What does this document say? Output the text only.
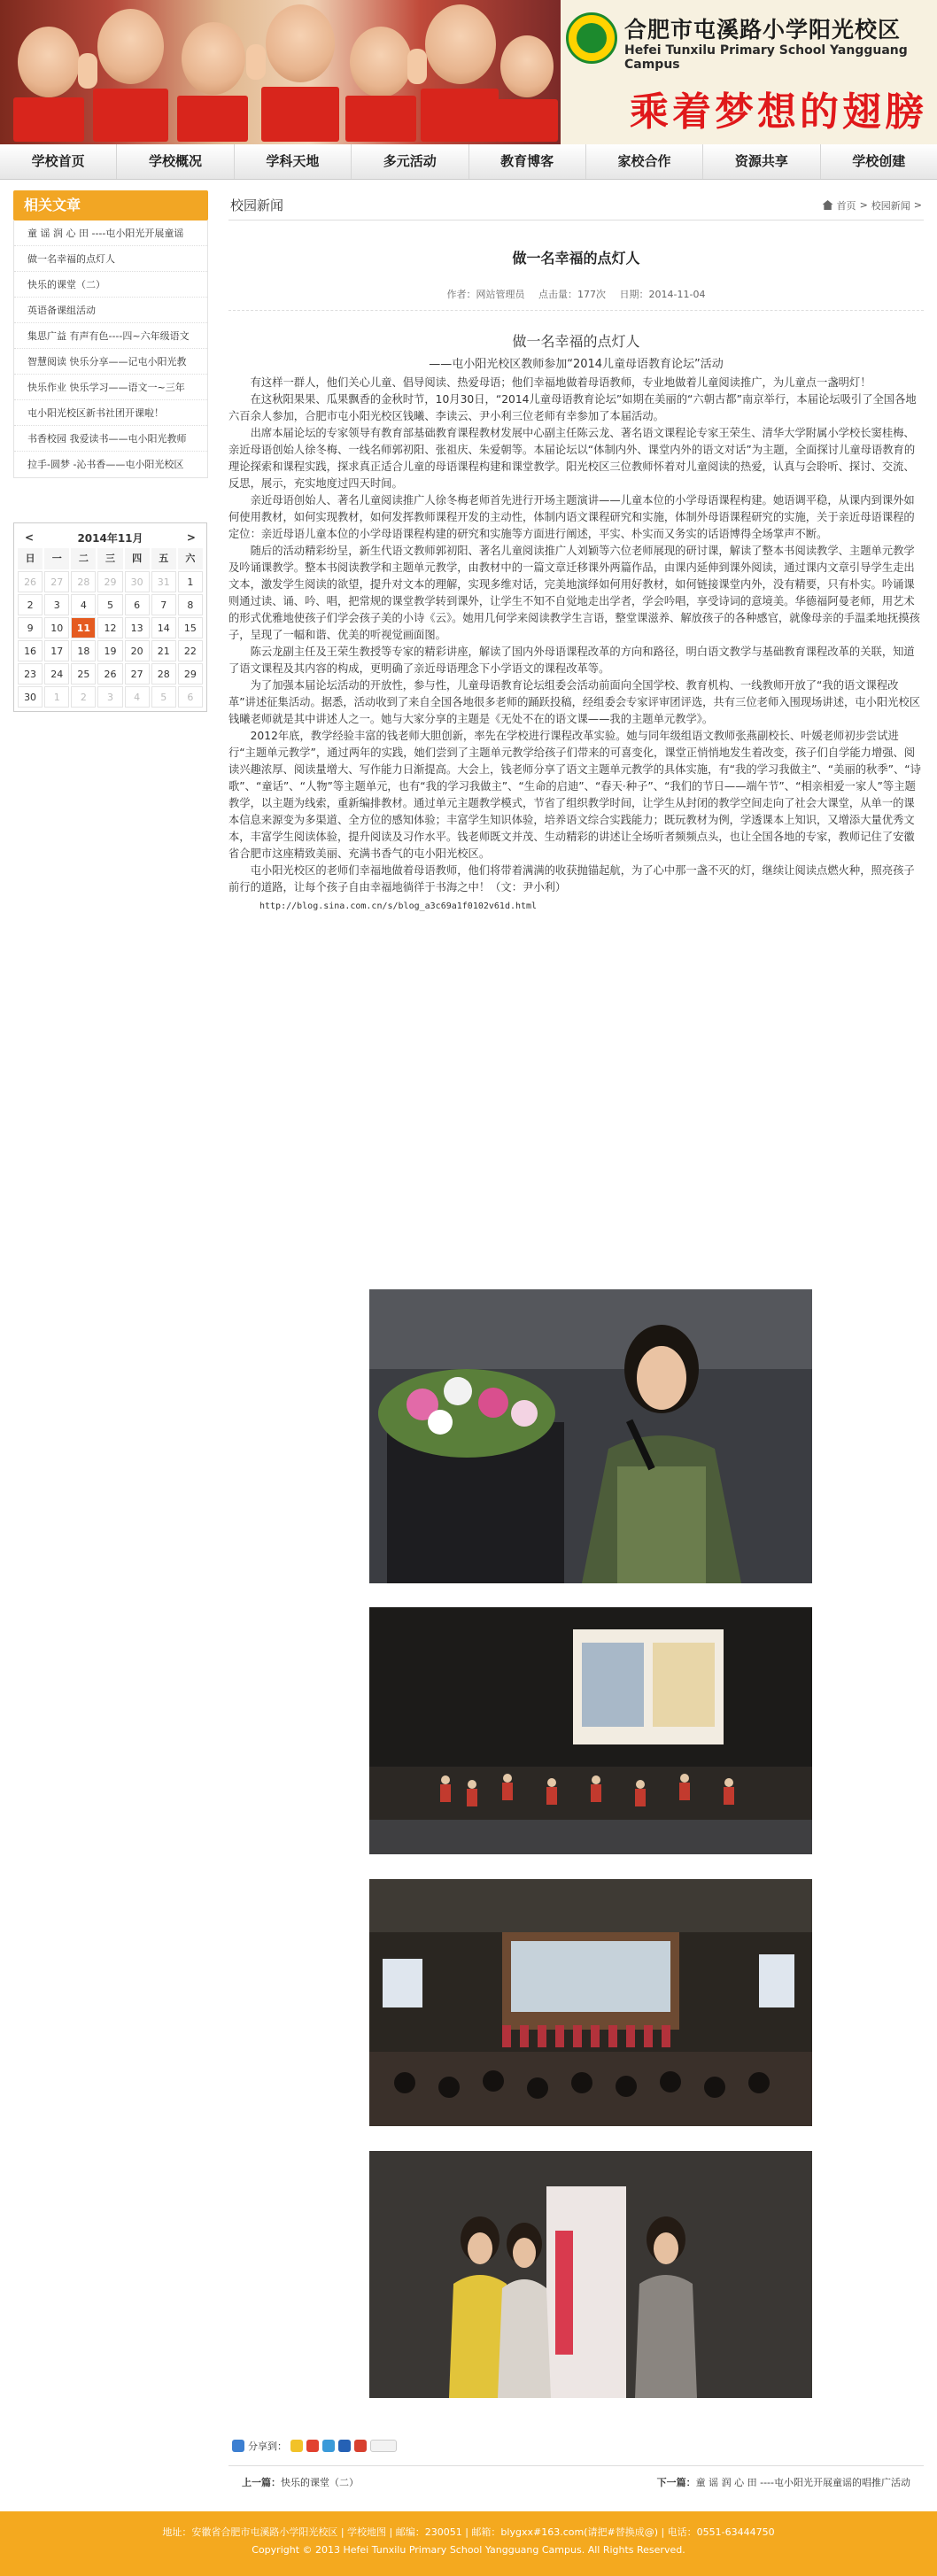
合肥市屯溪路小学阳光校区
Hefei Tunxilu Primary School Yangguang Campus
乘着梦想的翅膀
学校首页	学校概况	学科天地	多元活动	教育博客	家校合作	资源共享	学校创建
相关文章
童 谣 润 心 田 ----屯小阳光开展童谣
做一名幸福的点灯人
快乐的课堂（二）
英语备课组活动
集思广益 有声有色----四~六年级语文
智慧阅读 快乐分享——记屯小阳光教
快乐作业 快乐学习——语文一~三年
屯小阳光校区新书社团开课啦！
书香校园 我爱读书——屯小阳光教师
拉手-圆梦 -沁书香——屯小阳光校区
<	2014年11月	>
日	一	二	三	四	五	六
26	27	28	29	30	31	1
2	3	4	5	6	7	8
9	10	11	12	13	14	15
16	17	18	19	20	21	22
23	24	25	26	27	28	29
30	1	2	3	4	5	6
校园新闻	首页 > 校园新闻 >
做一名幸福的点灯人
作者：网站管理员 点击量：177次 日期：2014-11-04
做一名幸福的点灯人
——屯小阳光校区教师参加“2014儿童母语教育论坛”活动

有这样一群人，他们关心儿童、倡导阅读、热爱母语；他们幸福地做着母语教师，专业地做着儿童阅读推广，为儿童点一盏明灯！

在这秋阳果果、瓜果飘香的金秋时节，10月30日，“2014儿童母语教育论坛”如期在美丽的“六朝古都”南京举行，本届论坛吸引了全国各地六百余人参加，合肥市屯小阳光校区钱曦、李读云、尹小利三位老师有幸参加了本届活动。

出席本届论坛的专家领导有教育部基础教育课程教材发展中心副主任陈云龙、著名语文课程论专家王荣生、清华大学附属小学校长窦桂梅、亲近母语创始人徐冬梅、一线名师郭初阳、张祖庆、朱爱朝等。本届论坛以“体制内外、课堂内外的语文对话”为主题，全面探讨儿童母语教育的理论探索和课程实践，探求真正适合儿童的母语课程构建和课堂教学。阳光校区三位教师怀着对儿童阅读的热爱，认真与会聆听、探讨、交流、反思，展示，充实地度过四天时间。

亲近母语创始人、著名儿童阅读推广人徐冬梅老师首先进行开场主题演讲——儿童本位的小学母语课程构建。她语调平稳，从课内到课外如何使用教材，如何实现教材，如何发挥教师课程开发的主动性，体制内语文课程研究和实施，体制外母语课程研究的实施，关于亲近母语课程的定位：亲近母语儿童本位的小学母语课程构建的研究和实施等方面进行阐述，平实、朴实而又务实的话语博得全场掌声不断。

随后的活动精彩纷呈，新生代语文教师郭初阳、著名儿童阅读推广人刘颖等六位老师展现的研讨课，解读了整本书阅读教学、主题单元教学及吟诵课教学。整本书阅读教学和主题单元教学，由教材中的一篇文章迁移课外两篇作品，由课内延伸到课外阅读，通过课内文章引导学生走出文本，激发学生阅读的欲望，提升对文本的理解，实现多维对话，完美地演绎如何用好教材，如何链接课堂内外，没有精要，只有朴实。吟诵课则通过读、诵、吟、唱，把常规的课堂教学转到课外，让学生不知不自觉地走出学者，学会吟唱，享受诗词的意境美。华德福阿曼老师，用艺术的形式优雅地使孩子们学会孩子美的小诗《云》。她用几何学来阅读教学生言语，整堂课滋养、解放孩子的各种感官，就像母亲的手温柔地抚摸孩子，呈现了一幅和谐、优美的听视觉画面图。

陈云龙副主任及王荣生教授等专家的精彩讲座，解读了国内外母语课程改革的方向和路径，明白语文教学与基础教育课程改革的关联，知道了语文课程及其内容的构成，更明确了亲近母语理念下小学语文的课程改革等。

为了加强本届论坛活动的开放性，参与性，儿童母语教育论坛组委会活动前面向全国学校、教育机构、一线教师开放了“我的语文课程改革”讲述征集活动。据悉，活动收到了来自全国各地很多老师的踊跃投稿，经组委会专家评审团评选，共有三位老师入围现场讲述，屯小阳光校区钱曦老师就是其中讲述人之一。她与大家分享的主题是《无处不在的语文课——我的主题单元教学》。

2012年底，教学经验丰富的钱老师大胆创新，率先在学校进行课程改革实验。她与同年级组语文教师张燕副校长、叶媛老师初步尝试进行“主题单元教学”，通过两年的实践，她们尝到了主题单元教学给孩子们带来的可喜变化，课堂正悄悄地发生着改变，孩子们自学能力增强、阅读兴趣浓厚、阅读量增大、写作能力日渐提高。大会上，钱老师分享了语文主题单元教学的具体实施，有“我的学习我做主”、“美丽的秋季”、“诗歌”、“童话”、“人物”等主题单元，也有“我的学习我做主”、“生命的启迪”、“春天·种子”、“我们的节日——端午节”、“相亲相爱一家人”等主题教学，以主题为线索，重新编排教材。通过单元主题教学模式，节省了组织教学时间，让学生从封闭的教学空间走向了社会大课堂，从单一的课本信息来源变为多渠道、全方位的感知体验；丰富学生知识体验，培养语文综合实践能力；既玩教材为例，学透课本上知识，又增添大量优秀文本，丰富学生阅读体验，提升阅读及习作水平。钱老师既文并茂、生动精彩的讲述让全场听者频频点头，也让全国各地的专家，教师记住了安徽省合肥市这座精致美丽、充满书香气的屯小阳光校区。

屯小阳光校区的老师们幸福地做着母语教师，他们将带着满满的收获抛锚起航，为了心中那一盏不灭的灯，继续让阅读点燃火种，照亮孩子前行的道路，让每个孩子自由幸福地徜徉于书海之中！（文：尹小利）

http://blog.sina.com.cn/s/blog_a3c69a1f0102v61d.html
分享到：
上一篇：快乐的课堂（二）	下一篇：童 谣 润 心 田 ----屯小阳光开展童谣的唱推广活动
地址：安徽省合肥市屯溪路小学阳光校区 | 学校地图 | 邮编：230051 | 邮箱：blygxx#163.com(请把#替换成@) | 电话：0551-63444750
Copyright © 2013 Hefei Tunxilu Primary School Yangguang Campus. All Rights Reserved.
